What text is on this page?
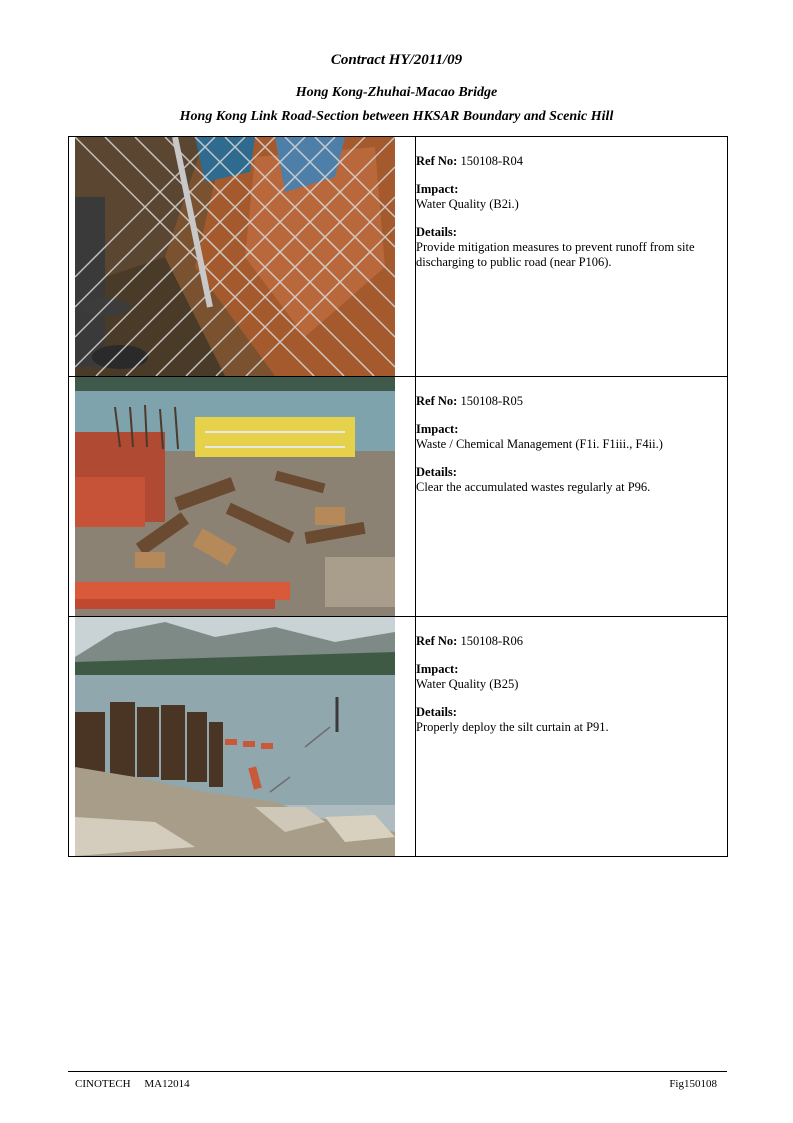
Contract HY/2011/09
Hong Kong-Zhuhai-Macao Bridge
Hong Kong Link Road-Section between HKSAR Boundary and Scenic Hill

Ref No: 150108-R04
Impact:
Water Quality (B2i.)
Details:
Provide mitigation measures to prevent runoff from site discharging to public road (near P106).

Ref No: 150108-R05
Impact:
Waste / Chemical Management (F1i. F1iii., F4ii.)
Details:
Clear the accumulated wastes regularly at P96.

Ref No: 150108-R06
Impact:
Water Quality (B25)
Details:
Properly deploy the silt curtain at P91.
CINOTECH MA12014	Fig150108
